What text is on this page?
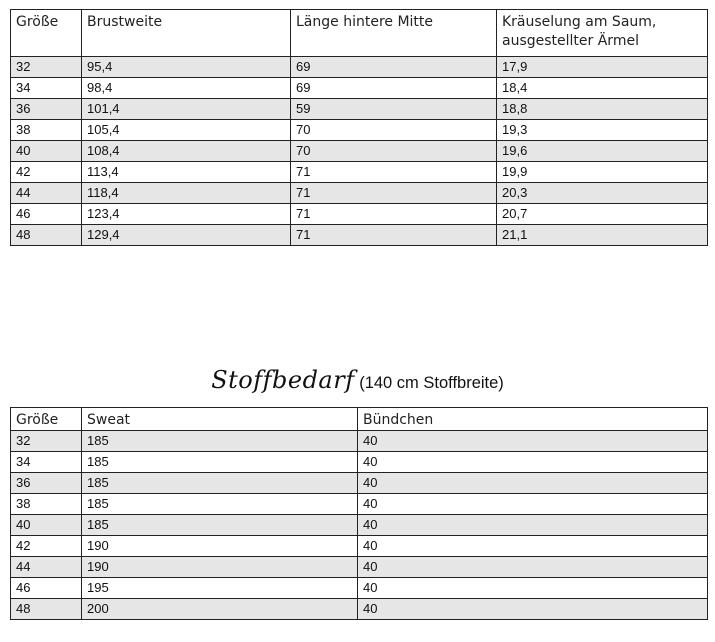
Größe	Brustweite	Länge hintere Mitte	Kräuselung am Saum, ausgestellter Ärmel
32	95,4	69	17,9
34	98,4	69	18,4
36	101,4	59	18,8
38	105,4	70	19,3
40	108,4	70	19,6
42	113,4	71	19,9
44	118,4	71	20,3
46	123,4	71	20,7
48	129,4	71	21,1
Stoffbedarf (140 cm Stoffbreite)
Größe	Sweat	Bündchen
32	185	40
34	185	40
36	185	40
38	185	40
40	185	40
42	190	40
44	190	40
46	195	40
48	200	40
